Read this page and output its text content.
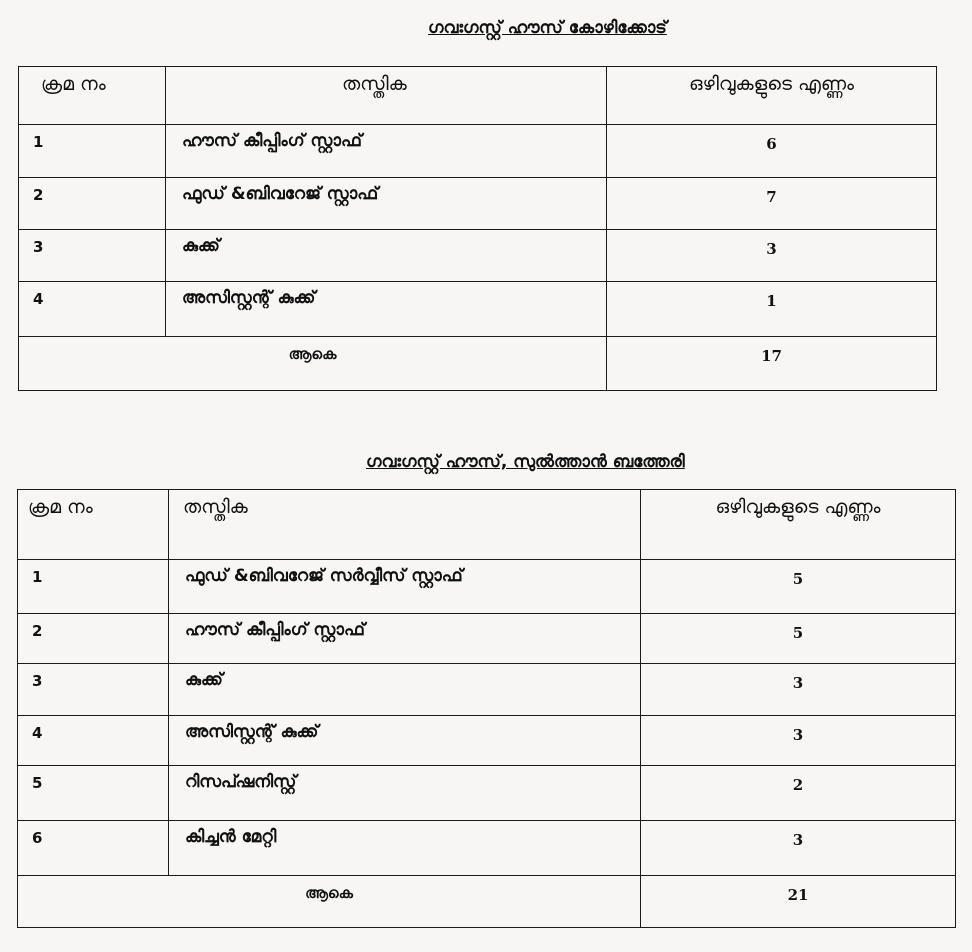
ഗവഃഗസ്റ്റ് ഹൗസ് കോഴിക്കോട്
ക്രമ നം	തസ്തിക	ഒഴിവുകളുടെ എണ്ണം
1	ഹൗസ് കീപ്പിംഗ് സ്റ്റാഫ്	6
2	ഫുഡ് &ബിവറേജ് സ്റ്റാഫ്	7
3	കുക്ക്	3
4	അസിസ്റ്റന്റ് കുക്ക്	1
ആകെ		17
ഗവഃഗസ്റ്റ് ഹൗസ്, സുൽത്താൻ ബത്തേരി
ക്രമ നം	തസ്തിക	ഒഴിവുകളുടെ എണ്ണം
1	ഫുഡ് &ബിവറേജ് സർവ്വീസ് സ്റ്റാഫ്	5
2	ഹൗസ് കീപ്പിംഗ് സ്റ്റാഫ്	5
3	കുക്ക്	3
4	അസിസ്റ്റന്റ് കുക്ക്	3
5	റിസപ്ഷനിസ്റ്റ്	2
6	കിച്ചൻ മേറ്റി	3
ആകെ		21
